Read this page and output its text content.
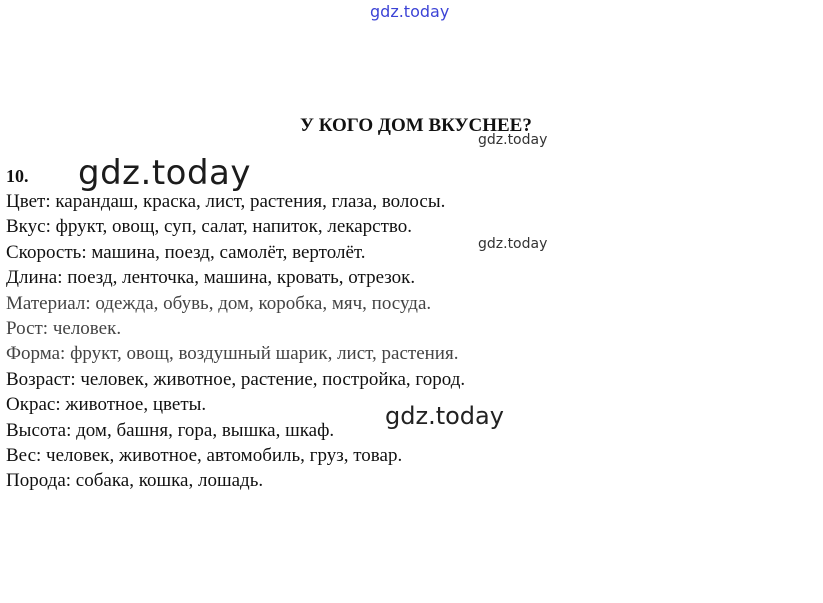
gdz.today
gdz.today
gdz.today
У КОГО ДОМ ВКУСНЕЕ?
10.
Цвет: карандаш, краска, лист, растения, глаза, волосы.
Вкус: фрукт, овощ, суп, салат, напиток, лекарство.
Скорость: машина, поезд, самолёт, вертолёт.
Длина: поезд, ленточка, машина, кровать, отрезок.
Материал: одежда, обувь, дом, коробка, мяч, посуда.
Рост: человек.
Форма: фрукт, овощ, воздушный шарик, лист, растения.
Возраст: человек, животное, растение, постройка, город.
Окрас: животное, цветы.
Высота: дом, башня, гора, вышка, шкаф.
Вес: человек, животное, автомобиль, груз, товар.
Порода: собака, кошка, лошадь.
gdz.today
gdz.today
